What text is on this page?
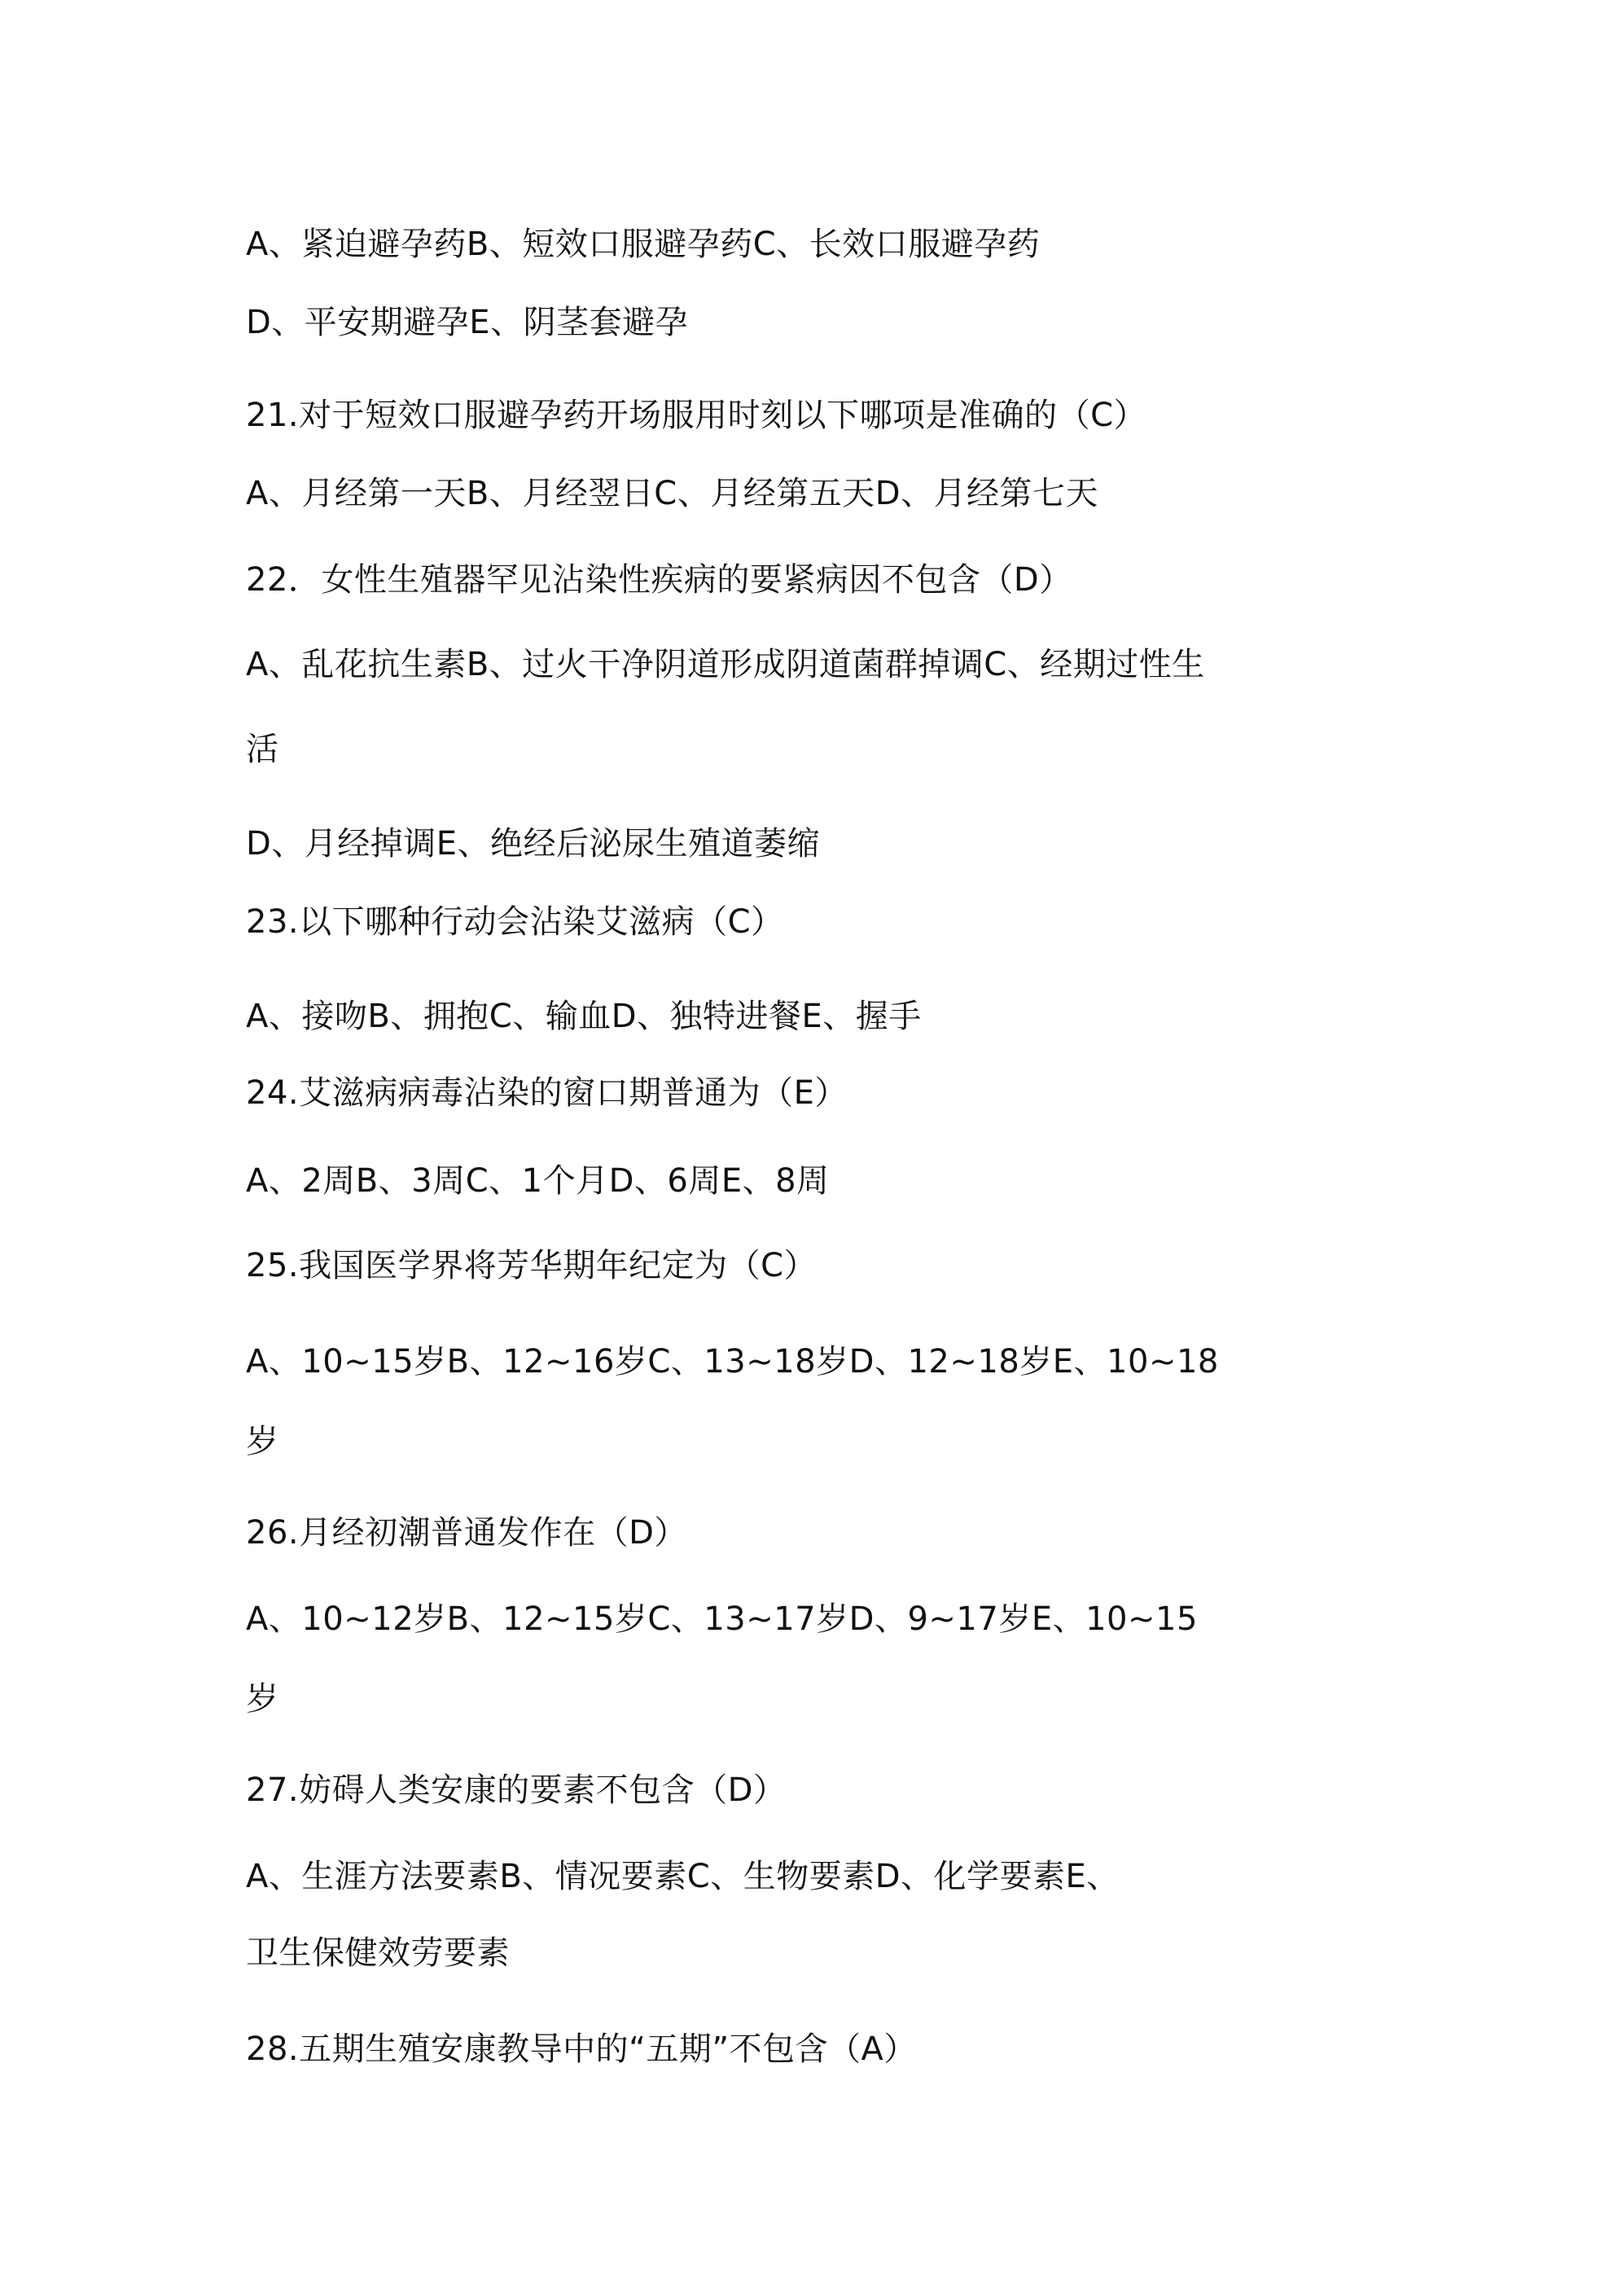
A、紧迫避孕药B、短效口服避孕药C、长效口服避孕药
D、平安期避孕E、阴茎套避孕
21.对于短效口服避孕药开场服用时刻以下哪项是准确的（C）
A、月经第一天B、月经翌日C、月经第五天D、月经第七天
22．女性生殖器罕见沾染性疾病的要紧病因不包含（D）
A、乱花抗生素B、过火干净阴道形成阴道菌群掉调C、经期过性生
活
D、月经掉调E、绝经后泌尿生殖道萎缩
23.以下哪种行动会沾染艾滋病（C）
A、接吻B、拥抱C、输血D、独特进餐E、握手
24.艾滋病病毒沾染的窗口期普通为（E）
A、2周B、3周C、1个月D、6周E、8周
25.我国医学界将芳华期年纪定为（C）
A、10~15岁B、12~16岁C、13~18岁D、12~18岁E、10~18
岁
26.月经初潮普通发作在（D）
A、10~12岁B、12~15岁C、13~17岁D、9~17岁E、10~15
岁
27.妨碍人类安康的要素不包含（D）
A、生涯方法要素B、情况要素C、生物要素D、化学要素E、
卫生保健效劳要素
28.五期生殖安康教导中的“五期”不包含（A）
